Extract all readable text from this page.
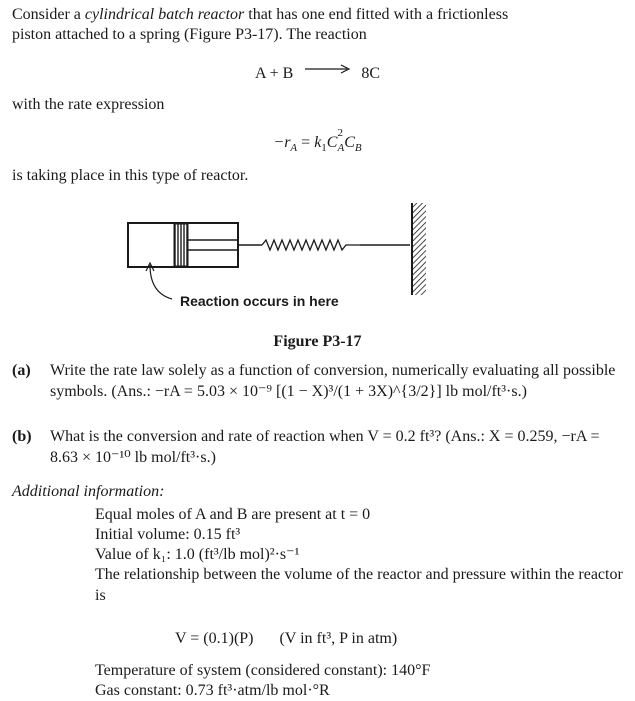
Consider a cylindrical batch reactor that has one end fitted with a frictionless
piston attached to a spring (Figure P3-17). The reaction
A + B → 8C
with the rate expression
$-r_A = k_1C$
2
$_AC_B$
is taking place in this type of reactor.
Reaction occurs in here
Figure P3-17
(a) Write the rate law solely as a function of conversion, numerically evaluating all possible symbols. (Ans.: −rA = 5.03 × 10⁻⁹ [(1 − X)³/(1 + 3X)^{3/2}] lb mol/ft³·s.)
(b) What is the conversion and rate of reaction when V = 0.2 ft³? (Ans.: X = 0.259, −rA = 8.63 × 10⁻¹⁰ lb mol/ft³·s.)
Additional information:
Equal moles of A and B are present at t = 0
Initial volume: 0.15 ft³
Value of k₁: 1.0 (ft³/lb mol)²·s⁻¹
The relationship between the volume of the reactor and pressure within the reactor is
V = (0.1)(P) (V in ft³, P in atm)
Temperature of system (considered constant): 140°F
Gas constant: 0.73 ft³·atm/lb mol·°R
